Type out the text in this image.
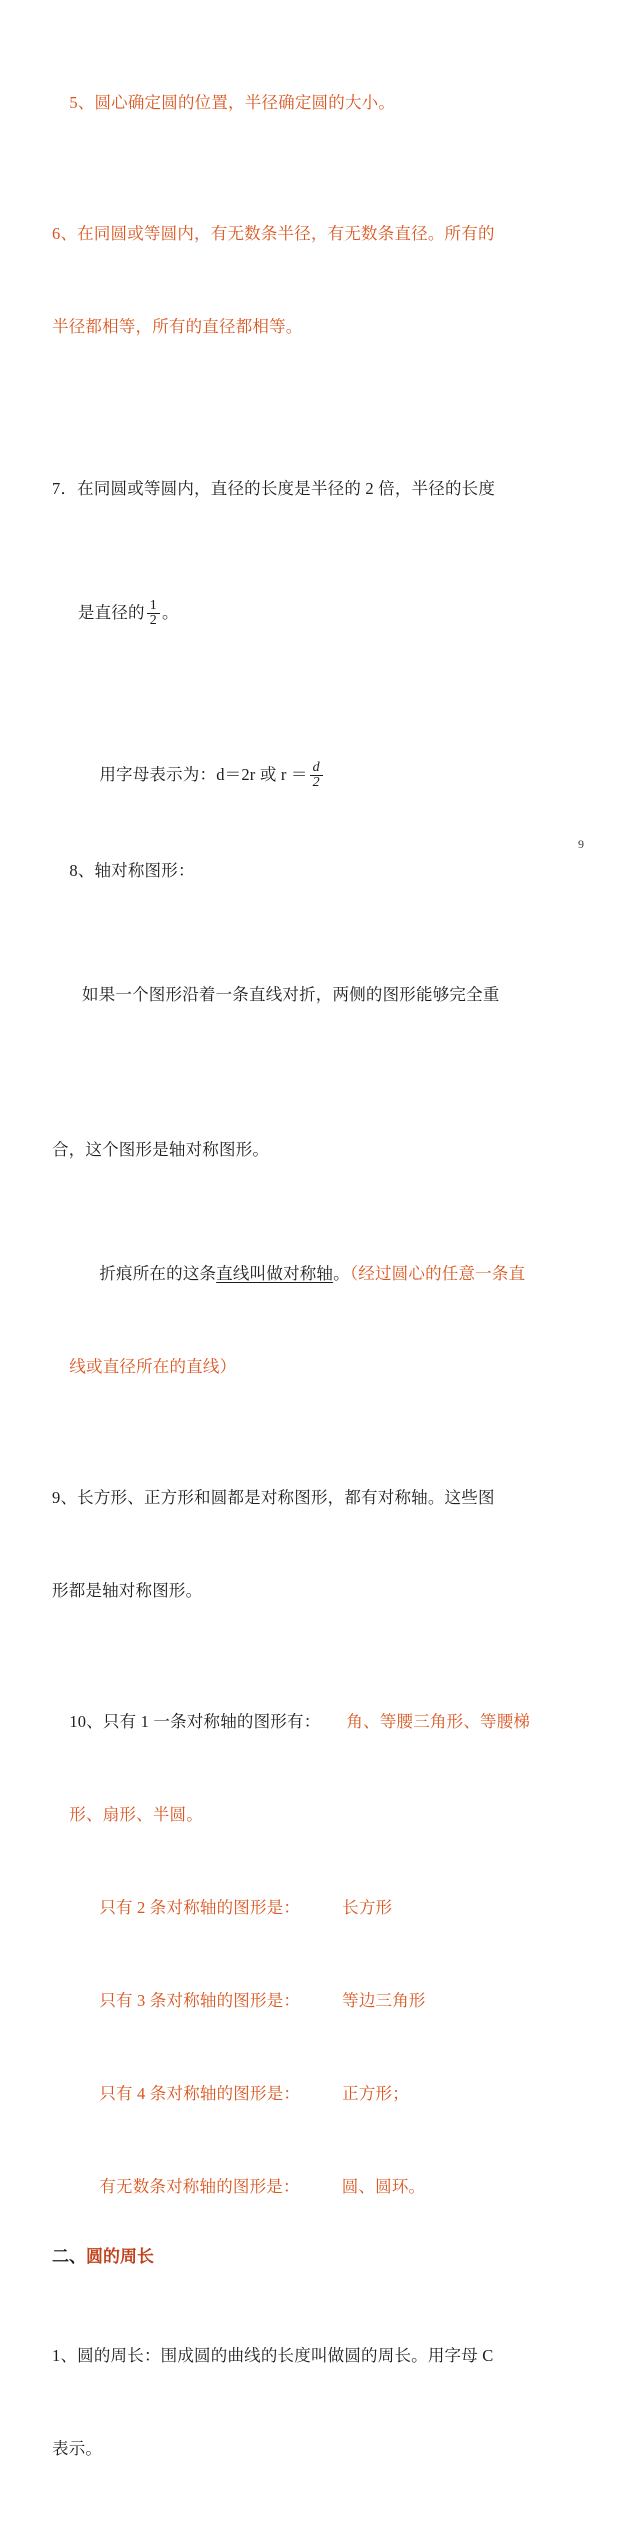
5、圆心确定圆的位置，半径确定圆的大小。

6、在同圆或等圆内，有无数条半径，有无数条直径。所有的

半径都相等，所有的直径都相等。

7．在同圆或等圆内，直径的长度是半径的 2 倍，半径的长度

是直径的 $\frac{1}{2}$ 。

用字母表示为：d＝2r 或 $r = \frac{d}{2}$

8、轴对称图形：

如果一个图形沿着一条直线对折，两侧的图形能够完全重

合，这个图形是轴对称图形。

折痕所在的这条直线叫做对称轴。（经过圆心的任意一条直

线或直径所在的直线）

9、长方形、正方形和圆都是对称图形，都有对称轴。这些图

形都是轴对称图形。

10、只有 1 一条对称轴的图形有： 角、等腰三角形、等腰梯

形、扇形、半圆。

只有 2 条对称轴的图形是：	长方形

只有 3 条对称轴的图形是：	等边三角形

只有 4 条对称轴的图形是：	正方形；

有无数条对称轴的图形是：	圆、圆环。

二、圆的周长

1、圆的周长：围成圆的曲线的长度叫做圆的周长。用字母 C

表示。

9
